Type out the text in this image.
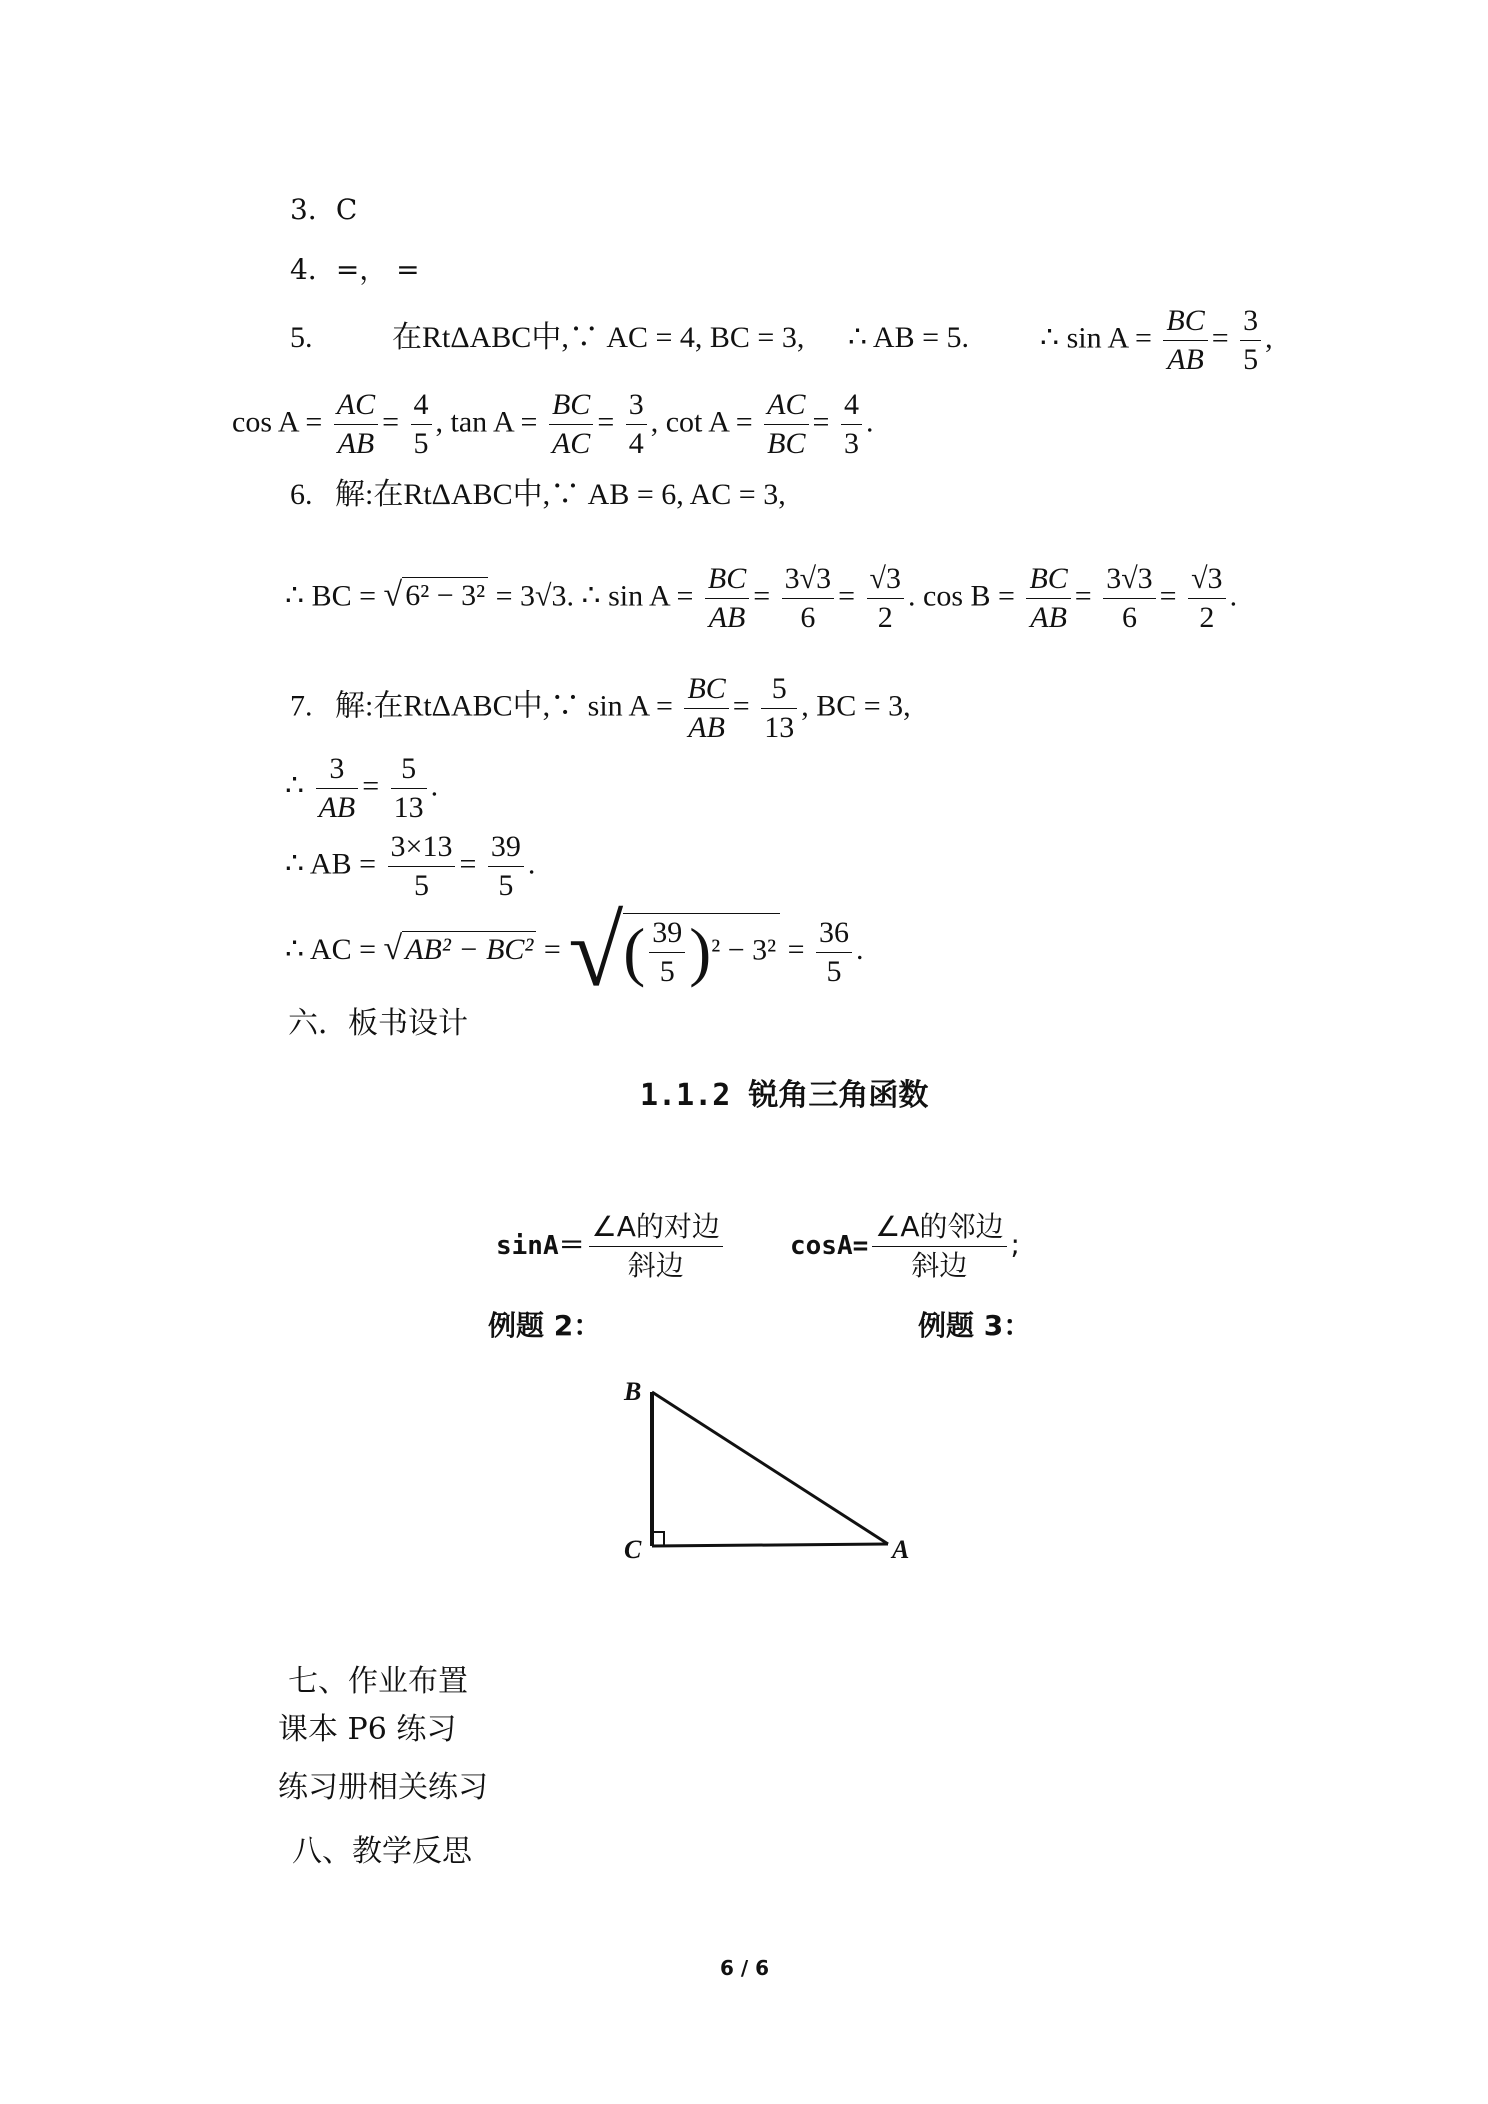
3．C
4．=， =
5.	在RtΔABC中,∵ AC = 4, BC = 3, ∴ AB = 5. ∴ $\sin A = \frac{BC}{AB} = \frac{3}{5}$ ,
$\cos A = \frac{AC}{AB} = \frac{4}{5}$ , $\tan A = \frac{BC}{AC} = \frac{3}{4}$ , $\cot A = \frac{AC}{BC} = \frac{4}{3}$ .
6. 解:在RtΔABC中,∵ AB = 6, AC = 3,
∴ BC = √ 6² − 3² = 3√3. ∴ $\sin A = \frac{BC}{AB} = \frac{3√3}{6} = \frac{√3}{2}$ . $\cos B = \frac{BC}{AB} = \frac{3√3}{6} = \frac{√3}{2}$ .
7. 解:在RtΔABC中,∵ $\sin A = \frac{BC}{AB} = \frac{5}{13}$ , BC = 3,
∴ $\frac{3}{AB} = \frac{5}{13}$ .
∴ AB = $\frac{3\times 13}{5} = \frac{39}{5}$ .
∴ AC = √ AB² − BC² = √( $\frac{39}{5} )^2 - 3^2 = \frac{36}{5}$ .
六．板书设计
1.1.2 锐角三角函数
$\sin A= \frac{\text{∠A的对边}}{\text{斜边}}$	$\cos A= \frac{\text{∠A的邻边}}{\text{斜边}}$ ;
例题 2：	例题 3：
B
C	A
七、作业布置
课本 P6 练习
练习册相关练习
八、教学反思
6 / 6
